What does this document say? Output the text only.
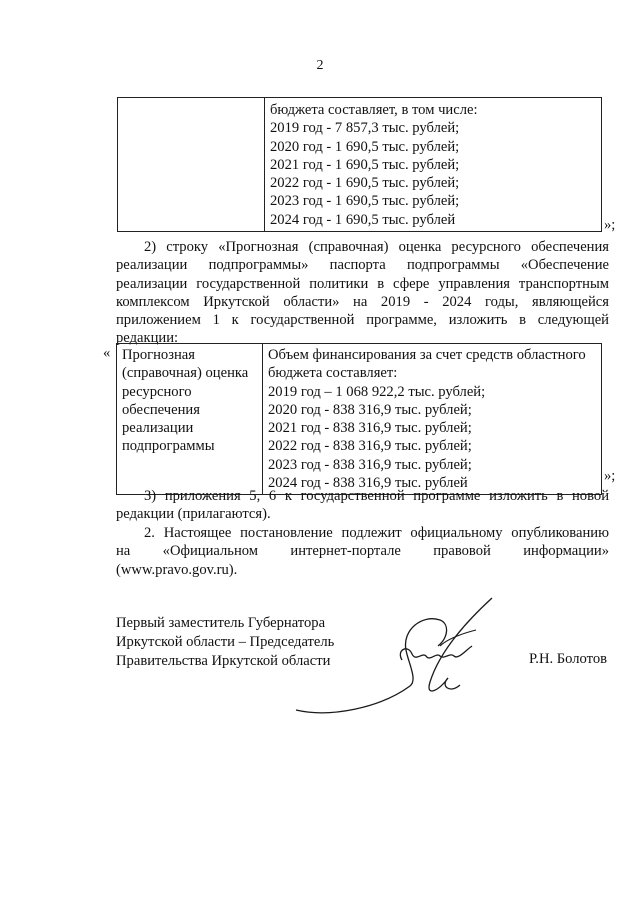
2

бюджета составляет, в том числе:
2019 год - 7 857,3 тыс. рублей;
2020 год - 1 690,5 тыс. рублей;
2021 год - 1 690,5 тыс. рублей;
2022 год - 1 690,5 тыс. рублей;
2023 год - 1 690,5 тыс. рублей;
2024 год - 1 690,5 тыс. рублей	»;
2) строку «Прогнозная (справочная) оценка ресурсного обеспечения
реализации подпрограммы» паспорта подпрограммы «Обеспечение
реализации государственной политики в сфере управления транспортным
комплексом Иркутской области» на 2019 - 2024 годы, являющейся
приложением 1 к государственной программе, изложить в следующей
редакции:
« Прогнозная
(справочная) оценка
ресурсного
обеспечения
реализации
подпрограммы

Объем финансирования за счет средств областного
бюджета составляет:
2019 год – 1 068 922,2 тыс. рублей;
2020 год - 838 316,9 тыс. рублей;
2021 год - 838 316,9 тыс. рублей;
2022 год - 838 316,9 тыс. рублей;
2023 год - 838 316,9 тыс. рублей;
2024 год - 838 316,9 тыс. рублей	»;
3) приложения 5, 6 к государственной программе изложить в новой
редакции (прилагаются).
2. Настоящее постановление подлежит официальному опубликованию
на «Официальном интернет-портале правовой информации»
(www.pravo.gov.ru).
Первый заместитель Губернатора
Иркутской области – Председатель
Правительства Иркутской области	Р.Н. Болотов
